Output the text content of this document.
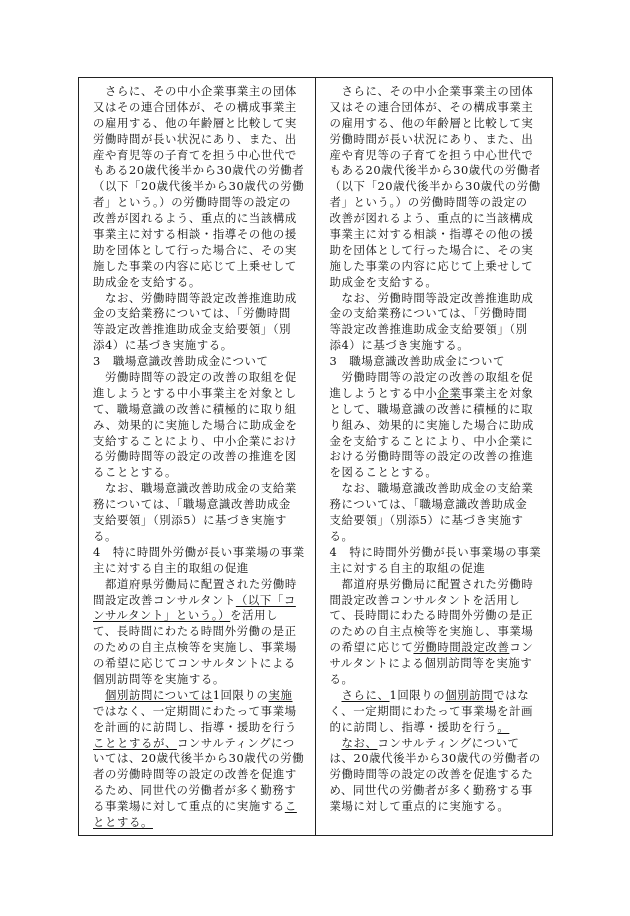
　さらに、その中小企業事業主の団体
又はその連合団体が、その構成事業主
の雇用する、他の年齢層と比較して実
労働時間が長い状況にあり、また、出
産や育児等の子育てを担う中心世代で
もある20歳代後半から30歳代の労働者
（以下「20歳代後半から30歳代の労働
者」という。）の労働時間等の設定の
改善が図れるよう、重点的に当該構成
事業主に対する相談・指導その他の援
助を団体として行った場合に、その実
施した事業の内容に応じて上乗せして
助成金を支給する。
　なお、労働時間等設定改善推進助成
金の支給業務については、「労働時間
等設定改善推進助成金支給要領」（別
添4）に基づき実施する。
3　職場意識改善助成金について
　労働時間等の設定の改善の取組を促
進しようとする中小事業主を対象とし
て、職場意識の改善に積極的に取り組
み、効果的に実施した場合に助成金を
支給することにより、中小企業におけ
る労働時間等の設定の改善の推進を図
ることとする。
　なお、職場意識改善助成金の支給業
務については、「職場意識改善助成金
支給要領」（別添5）に基づき実施す
る。
4　特に時間外労働が長い事業場の事業
主に対する自主的取組の促進
　都道府県労働局に配置された労働時
間設定改善コンサルタント（以下「コ
ンサルタント」という。）を活用し
て、長時間にわたる時間外労働の是正
のための自主点検等を実施し、事業場
の希望に応じてコンサルタントによる
個別訪問等を実施する。
　個別訪問については1回限りの実施
ではなく、一定期間にわたって事業場
を計画的に訪問し、指導・援助を行う
こととするが、コンサルティングにつ
いては、20歳代後半から30歳代の労働
者の労働時間等の設定の改善を促進す
るため、同世代の労働者が多く勤務す
る事業場に対して重点的に実施するこ
ととする。
　さらに、その中小企業事業主の団体
又はその連合団体が、その構成事業主
の雇用する、他の年齢層と比較して実
労働時間が長い状況にあり、また、出
産や育児等の子育てを担う中心世代で
もある20歳代後半から30歳代の労働者
（以下「20歳代後半から30歳代の労働
者」という。）の労働時間等の設定の
改善が図れるよう、重点的に当該構成
事業主に対する相談・指導その他の援
助を団体として行った場合に、その実
施した事業の内容に応じて上乗せして
助成金を支給する。
　なお、労働時間等設定改善推進助成
金の支給業務については、「労働時間
等設定改善推進助成金支給要領」（別
添4）に基づき実施する。
3　職場意識改善助成金について
　労働時間等の設定の改善の取組を促
進しようとする中小企業事業主を対象
として、職場意識の改善に積極的に取
り組み、効果的に実施した場合に助成
金を支給することにより、中小企業に
おける労働時間等の設定の改善の推進
を図ることとする。
　なお、職場意識改善助成金の支給業
務については、「職場意識改善助成金
支給要領」（別添5）に基づき実施す
る。
4　特に時間外労働が長い事業場の事業
主に対する自主的取組の促進
　都道府県労働局に配置された労働時
間設定改善コンサルタントを活用し
て、長時間にわたる時間外労働の是正
のための自主点検等を実施し、事業場
の希望に応じて労働時間設定改善コン
サルタントによる個別訪問等を実施す
る。
　さらに、1回限りの個別訪問ではな
く、一定期間にわたって事業場を計画
的に訪問し、指導・援助を行う。
　なお、コンサルティングについて
は、20歳代後半から30歳代の労働者の
労働時間等の設定の改善を促進するた
め、同世代の労働者が多く勤務する事
業場に対して重点的に実施する。
